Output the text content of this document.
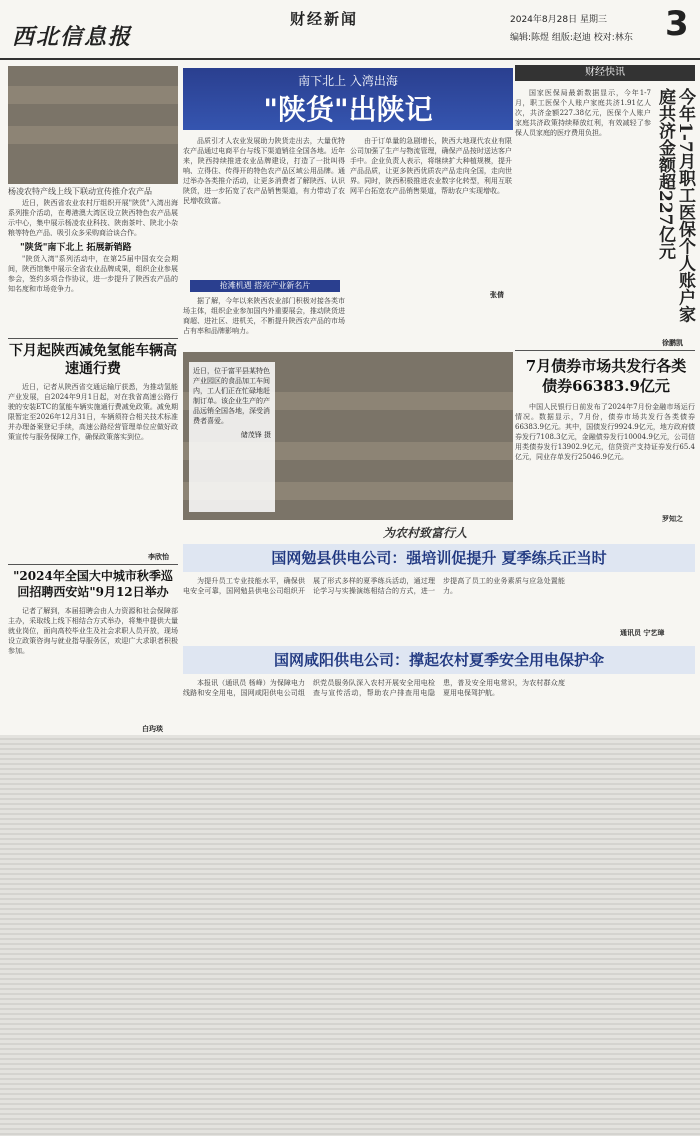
西北信息报
财经新闻	2024年8月28日 星期三
编辑:陈煜 组版:赵迪 校对:林东 3
杨凌农特产线上线下联动宣传推介农产品

近日，陕西省农业农村厅组织开展"陕货"入湾出海系列推介活动，在粤港澳大湾区设立陕西特色农产品展示中心，集中展示杨凌农业科技、陕南茶叶、陕北小杂粮等特色产品，吸引众多采购商洽谈合作。

"陕货"南下北上 拓展新销路

"陕货入湾"系列活动中，在第25届中国农交会期间，陕西馆集中展示全省农业品牌成果，组织企业参展参会，签约多项合作协议，进一步提升了陕西农产品的知名度和市场竞争力。

下月起陕西减免氢能车辆高速通行费

近日，记者从陕西省交通运输厅获悉，为推动氢能产业发展，自2024年9月1日起，对在我省高速公路行驶的安装ETC的氢能车辆实施通行费减免政策。减免期限暂定至2026年12月31日，车辆须符合相关技术标准并办理备案登记手续，高速公路经营管理单位应做好政策宣传与服务保障工作，确保政策落实到位。

李欣怡
"2024年全国大中城市秋季巡回招聘西安站"9月12日举办

记者了解到，本届招聘会由人力资源和社会保障部主办，采取线上线下相结合方式举办，将集中提供大量就业岗位，面向高校毕业生及社会求职人员开放，现场设立政策咨询与就业指导服务区，欢迎广大求职者积极参加。

白玙琰
南下北上 入湾出海
"陕货"出陕记

品质引才人农业发展助力陕货走出去，大量优特农产品通过电商平台与线下渠道销往全国各地。近年来，陕西持续推进农业品牌建设，打造了一批叫得响、立得住、传得开的特色农产品区域公用品牌。通过举办各类推介活动，让更多消费者了解陕西、认识陕货，进一步拓宽了农产品销售渠道，有力带动了农民增收致富。

抢滩机遇 搭亮产业新名片

据了解，今年以来陕西农业部门积极对接各类市场主体，组织企业参加国内外重要展会，推动陕货进商超、进社区、进机关，不断提升陕西农产品的市场占有率和品牌影响力。

由于订单量的急剧增长，陕西大地现代农业有限公司加强了生产与物流管理，确保产品按时送达客户手中。企业负责人表示，将继续扩大种植规模，提升产品品质，让更多陕西优质农产品走向全国，走向世界。同时，陕西积极推进农业数字化转型，利用互联网平台拓宽农产品销售渠道，帮助农户实现增收。

张倩
近日，位于富平县某特色产业园区的食品加工车间内，工人们正在忙碌地赶制订单。该企业生产的产品远销全国各地，深受消费者喜爱。
储茂锋 摄
财经快讯

国家医保局最新数据显示，今年1-7月，职工医保个人账户家庭共济1.91亿人次，共济金额227.38亿元，医保个人账户家庭共济政策持续释放红利，有效减轻了参保人员家庭的医疗费用负担。	今年1-7月职工医保个人账户家庭共济金额超227亿元
徐鹏凯
7月债券市场共发行各类债券66383.9亿元

中国人民银行日前发布了2024年7月份金融市场运行情况。数据显示，7月份，债券市场共发行各类债券66383.9亿元。其中，国债发行9924.9亿元，地方政府债券发行7108.3亿元，金融债券发行10004.9亿元，公司信用类债券发行13902.9亿元，信贷资产支持证券发行65.4亿元，同业存单发行25046.9亿元。

罗知之
为农村致富行人
国网勉县供电公司：强培训促提升 夏季练兵正当时

为提升员工专业技能水平，确保供电安全可靠，国网勉县供电公司组织开展了形式多样的夏季练兵活动，通过理论学习与实操演练相结合的方式，进一步提高了员工的业务素质与应急处置能力。

通讯员 宁艺璋
国网咸阳供电公司：撑起农村夏季安全用电保护伞

本报讯（通讯员 杨峰）为保障电力线路和安全用电，国网咸阳供电公司组织党员服务队深入农村开展安全用电检查与宣传活动，帮助农户排查用电隐患，普及安全用电常识，为农村群众度夏用电保驾护航。
